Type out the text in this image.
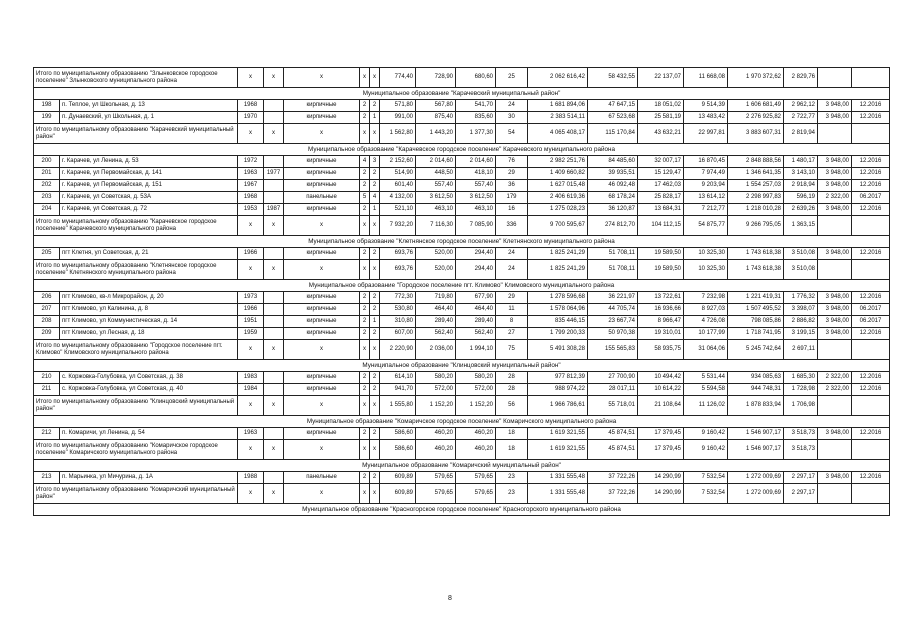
Итого по муниципальному образованию "Злынковское городское поселение" Злынковского муниципального района		х	х	х	х	х	774,40	728,90	680,60	25	2 062 616,42	58 432,55	22 137,07	11 668,08	1 970 372,62	2 829,76		
Муниципальное образование "Карачевский муниципальный район"																		
198	п. Теплое, ул Школьная, д. 13	1968		кирпичные	2	2	571,80	567,80	541,70	24	1 681 894,06	47 647,15	18 051,02	9 514,39	1 606 681,49	2 962,12	3 948,00	12.2016
199	п. Дунаевский, ул Школьная, д. 1	1970		кирпичные	2	1	991,00	875,40	835,60	30	2 383 514,11	67 523,68	25 581,19	13 483,42	2 276 925,82	2 722,77	3 948,00	12.2016
Итого по муниципальному образованию "Карачевский муниципальный район"		х	х	х	х	х	1 562,80	1 443,20	1 377,30	54	4 065 408,17	115 170,84	43 632,21	22 997,81	3 883 607,31	2 819,94		
Муниципальное образование "Карачевское городское поселение" Карачевского муниципального района																		
200	г. Карачев, ул Ленина, д. 53	1972		кирпичные	4	3	2 152,60	2 014,60	2 014,60	76	2 982 251,76	84 485,60	32 007,17	16 870,45	2 848 888,56	1 480,17	3 948,00	12.2016
201	г. Карачев, ул Первомайская, д. 141	1963	1977	кирпичные	2	2	514,90	448,50	418,10	29	1 409 660,82	39 935,51	15 129,47	7 974,49	1 346 641,35	3 143,10	3 948,00	12.2016
202	г. Карачев, ул Первомайская, д. 151	1967		кирпичные	2	2	601,40	557,40	557,40	36	1 627 015,48	46 092,48	17 462,03	9 203,94	1 554 257,03	2 918,94	3 948,00	12.2016
203	г. Карачев, ул Советская, д. 53А	1968		панельные	5	4	4 132,00	3 612,50	3 612,50	179	2 406 619,36	68 178,24	25 828,17	13 614,12	2 298 997,83	596,19	2 322,00	06.2017
204	г. Карачев, ул Советская, д. 72	1953	1987	кирпичные	2	1	521,10	463,10	463,10	16	1 275 028,23	36 120,87	13 684,31	7 212,77	1 218 010,28	2 639,26	3 948,00	12.2016
Итого по муниципальному образованию "Карачевское городское поселение" Карачевского муниципального района		х	х	х	х	х	7 932,20	7 116,30	7 085,90	336	9 700 595,67	274 812,70	104 112,15	54 875,77	9 266 795,05	1 363,15		
Муниципальное образование "Клетнянское городское поселение" Клетнянского муниципального района																		
205	пгт Клетня, ул Советская, д. 21	1966		кирпичные	2	2	693,76	520,00	294,40	24	1 825 241,29	51 708,11	19 589,50	10 325,30	1 743 618,38	3 510,08	3 948,00	12.2016
Итого по муниципальному образованию "Клетнянское городское поселение" Клетнянского муниципального района		х	х	х	х	х	693,76	520,00	294,40	24	1 825 241,29	51 708,11	19 589,50	10 325,30	1 743 618,38	3 510,08		
Муниципальное образование "Городское поселение пгт. Климово" Климовского муниципального района																		
206	пгт Климово, кв-л Микрорайон, д. 20	1973		кирпичные	2	2	772,30	719,80	677,90	29	1 278 596,68	36 221,97	13 722,61	7 232,98	1 221 419,31	1 776,32	3 948,00	12.2016
207	пгт Климово, ул Калинина, д. 8	1966		кирпичные	2	2	530,80	464,40	464,40	11	1 578 064,96	44 705,74	16 936,66	8 927,03	1 507 495,52	3 398,07	3 948,00	06.2017
208	пгт Климово, ул Коммунистическая, д. 14	1951		кирпичные	2	1	310,80	289,40	289,40	8	835 446,15	23 667,74	8 966,47	4 726,08	798 085,86	2 886,82	3 948,00	06.2017
209	пгт Климово, ул Лесная, д. 18	1959		кирпичные	2	2	607,00	562,40	562,40	27	1 799 200,33	50 970,38	19 310,01	10 177,99	1 718 741,95	3 199,15	3 948,00	12.2016
Итого по муниципальному образованию "Городское поселение пгт. Климово" Климовского муниципального района		х	х	х	х	х	2 220,90	2 036,00	1 994,10	75	5 491 308,28	155 565,83	58 935,75	31 064,06	5 245 742,64	2 697,11		
Муниципальное образование "Клинцовский муниципальный район"																		
210	с. Коржовка-Голубовка, ул Советская, д. 38	1983		кирпичные	2	2	614,10	580,20	580,20	28	977 812,39	27 700,90	10 494,42	5 531,44	934 085,63	1 685,30	2 322,00	12.2016
211	с. Коржовка-Голубовка, ул Советская, д. 40	1984		кирпичные	2	2	941,70	572,00	572,00	28	988 974,22	28 017,11	10 614,22	5 594,58	944 748,31	1 728,98	2 322,00	12.2016
Итого по муниципальному образованию "Клинцовский муниципальный район"		х	х	х	х	х	1 555,80	1 152,20	1 152,20	56	1 966 786,61	55 718,01	21 108,64	11 126,02	1 878 833,94	1 706,98		
Муниципальное образование "Комаричское городское поселение" Комаричского муниципального района																		
212	п. Комаричи, ул Ленина, д. 54	1963		кирпичные	2	2	586,60	460,20	460,20	18	1 619 321,55	45 874,51	17 379,45	9 160,42	1 546 907,17	3 518,73	3 948,00	12.2016
Итого по муниципальному образованию "Комаричское городское поселение" Комаричского муниципального района		х	х	х	х	х	586,60	460,20	460,20	18	1 619 321,55	45 874,51	17 379,45	9 160,42	1 546 907,17	3 518,73		
Муниципальное образование "Комаричский муниципальный район"																		
213	п. Марьинка, ул Мичурина, д. 1А	1988		панельные	2	2	609,89	579,65	579,65	23	1 331 555,48	37 722,26	14 290,99	7 532,54	1 272 009,69	2 297,17	3 948,00	12.2016
Итого по муниципальному образованию "Комаричский муниципальный район"		х	х	х	х	х	609,89	579,65	579,65	23	1 331 555,48	37 722,26	14 290,99	7 532,54	1 272 009,69	2 297,17		
Муниципальное образование "Красногорское городское поселение" Красногорского муниципального района																		
8
